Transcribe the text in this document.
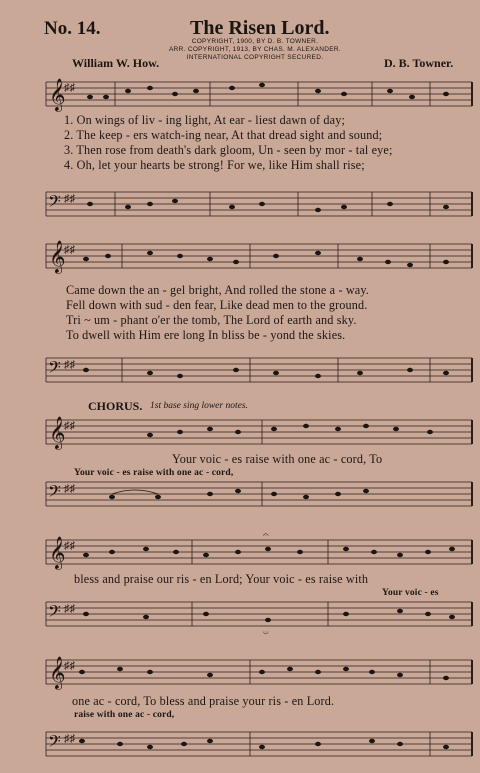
No. 14.	The Risen Lord.
COPYRIGHT, 1900, BY D. B. TOWNER.
ARR. COPYRIGHT, 1913, BY CHAS. M. ALEXANDER.
INTERNATIONAL COPYRIGHT SECURED.
William W. How.	D. B. Towner.
𝄞
♯♯
1. On wings of liv - ing light, At ear - liest dawn of day;
2. The keep - ers watch-ing near, At that dread sight and sound;
3. Then rose from death's dark gloom, Un - seen by mor - tal eye;
4. Oh, let your hearts be strong! For we, like Him shall rise;
𝄢 ♯♯
𝄞
♯♯
Came down the an - gel bright, And rolled the stone a - way.
Fell down with sud - den fear, Like dead men to the ground.
Tri ~ um - phant o'er the tomb, The Lord of earth and sky.
To dwell with Him ere long In bliss be - yond the skies.
𝄢 ♯♯
CHORUS. 1st base sing lower notes.
𝄞
♯♯
Your voic - es raise with one ac - cord, To
Your voic - es raise with one ac - cord,
𝄢 ♯♯
𝄞
♯♯
𝄐
bless and praise our ris - en Lord; Your voic - es raise with
Your voic - es
𝄢 ♯♯
𝄑
𝄞
♯♯
one ac - cord, To bless and praise your ris - en Lord.
raise with one ac - cord,
𝄢 ♯♯
